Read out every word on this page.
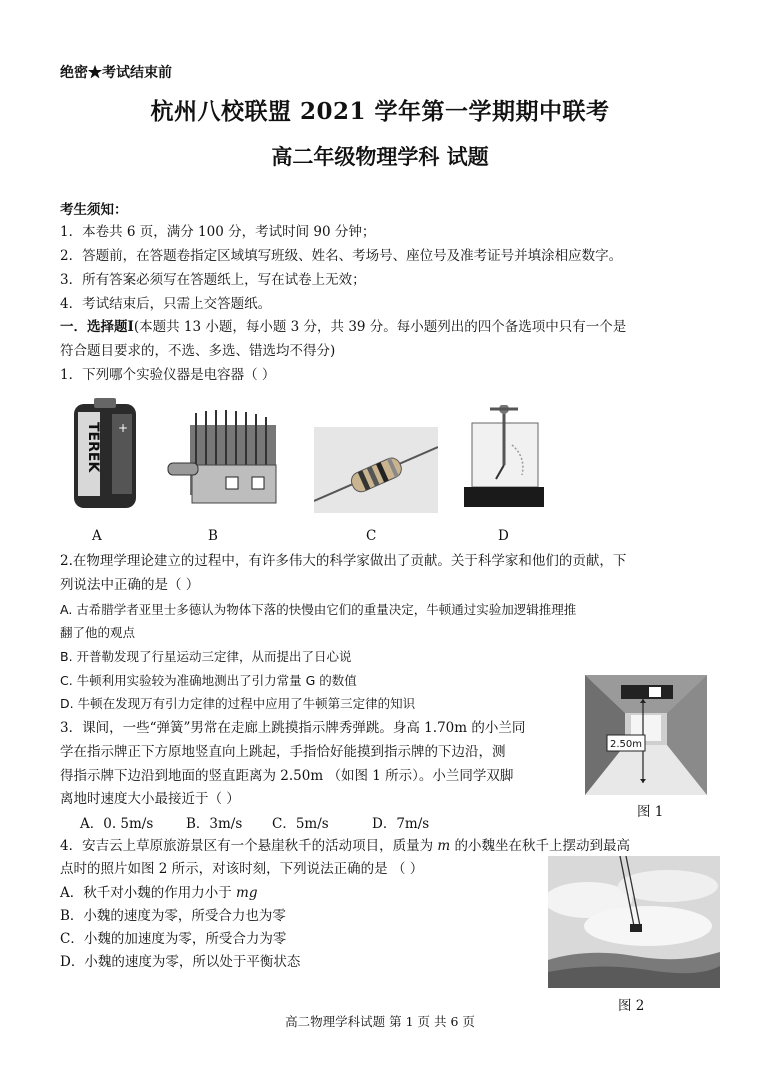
绝密★考试结束前
杭州八校联盟 2021 学年第一学期期中联考
高二年级物理学科 试题
考生须知：
1．本卷共 6 页，满分 100 分，考试时间 90 分钟；
2．答题前，在答题卷指定区域填写班级、姓名、考场号、座位号及准考证号并填涂相应数字。
3．所有答案必须写在答题纸上，写在试卷上无效；
4．考试结束后，只需上交答题纸。
一．选择题Ⅰ(本题共 13 小题，每小题 3 分，共 39 分。每小题列出的四个备选项中只有一个是
符合题目要求的，不选、多选、错选均不得分)
1．下列哪个实验仪器是电容器（ ）
TEREK +
A	B	C	D
2.在物理学理论建立的过程中，有许多伟大的科学家做出了贡献。关于科学家和他们的贡献，下
列说法中正确的是（ ）
A. 古希腊学者亚里士多德认为物体下落的快慢由它们的重量决定，牛顿通过实验加逻辑推理推
翻了他的观点
B. 开普勒发现了行星运动三定律，从而提出了日心说
C. 牛顿利用实验较为准确地测出了引力常量 G 的数值
D. 牛顿在发现万有引力定律的过程中应用了牛顿第三定律的知识
2.50m
图 1
3．课间，一些“弹簧”男常在走廊上跳摸指示牌秀弹跳。身高 1.70m 的小兰同
学在指示牌正下方原地竖直向上跳起，手指恰好能摸到指示牌的下边沿，测
得指示牌下边沿到地面的竖直距离为 2.50m （如图 1 所示）。小兰同学双脚
离地时速度大小最接近于（ ）
A．0. 5m/s B．3m/s C．5m/s	D．7m/s
4．安吉云上草原旅游景区有一个悬崖秋千的活动项目，质量为 m 的小魏坐在秋千上摆动到最高
点时的照片如图 2 所示，对该时刻，下列说法正确的是 （ ）
A．秋千对小魏的作用力小于 mg
B．小魏的速度为零，所受合力也为零
C．小魏的加速度为零，所受合力为零
D．小魏的速度为零，所以处于平衡状态
图 2
高二物理学科试题 第 1 页 共 6 页
